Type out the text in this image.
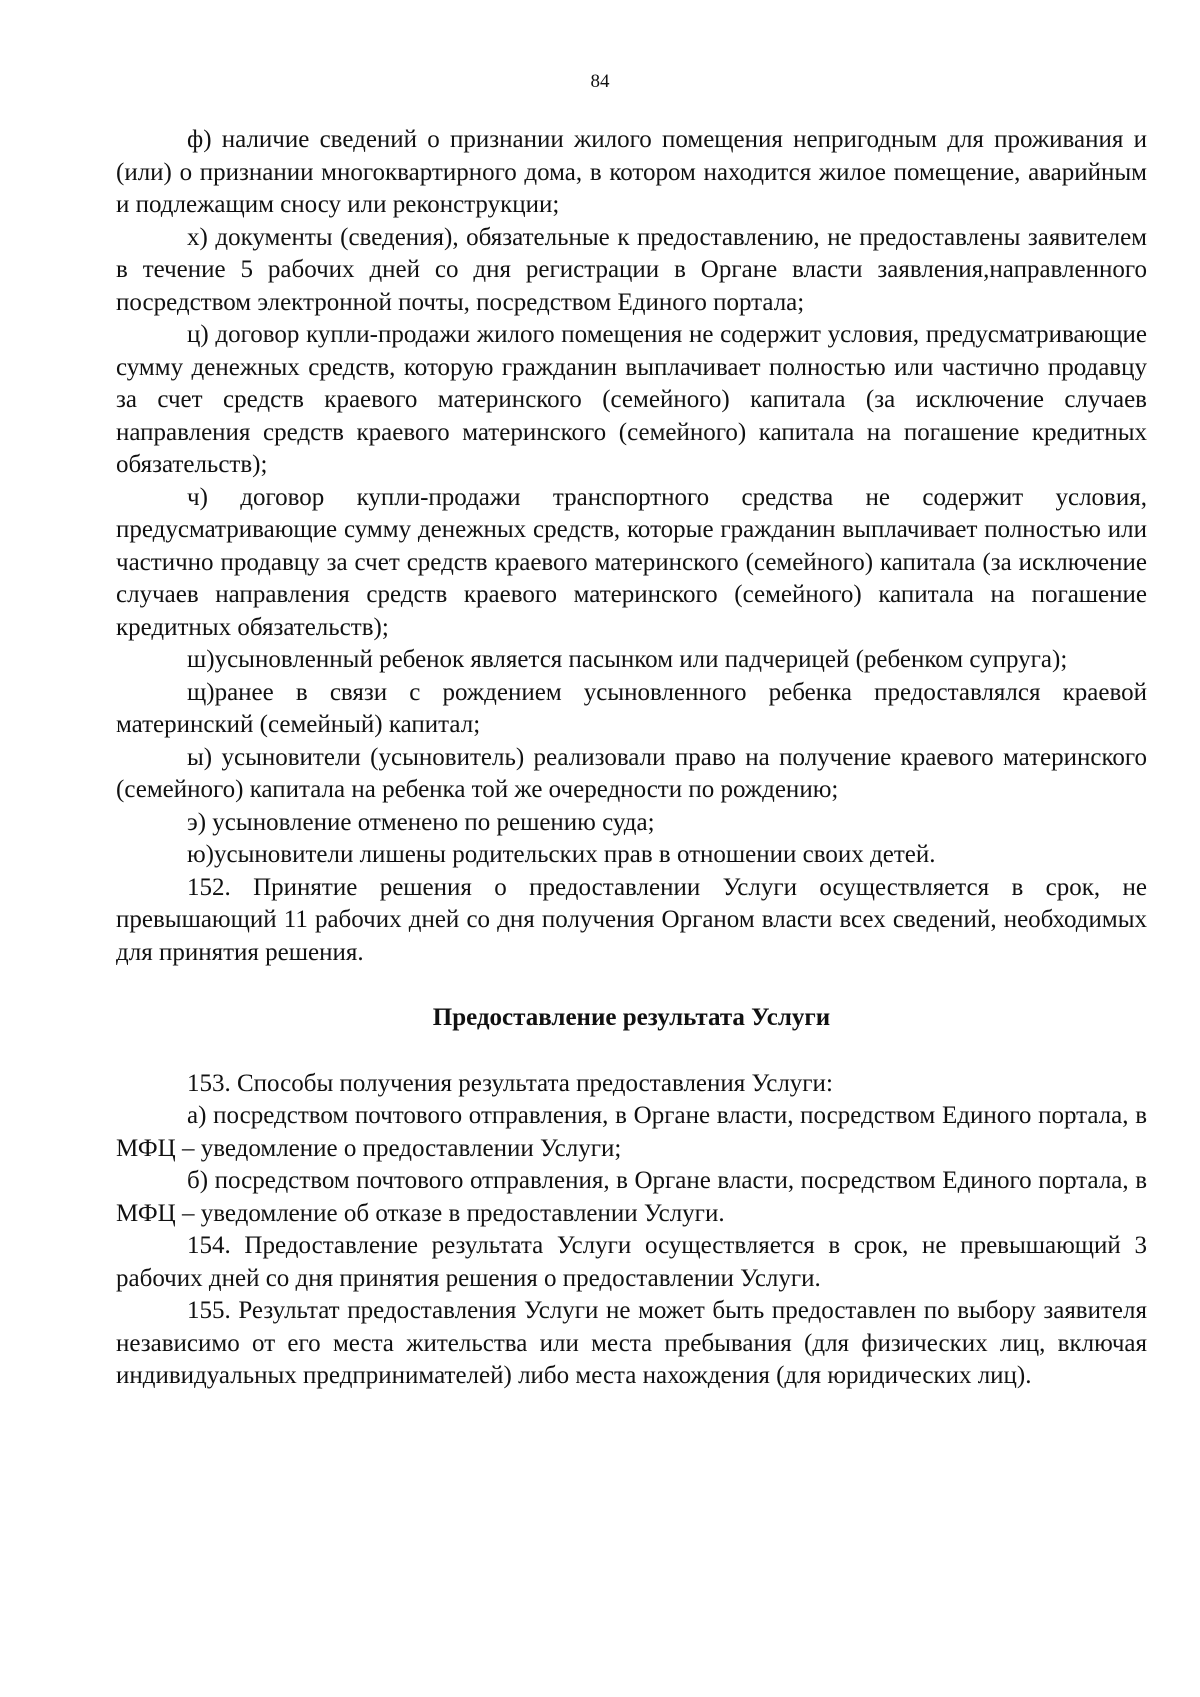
84

ф) наличие сведений о признании жилого помещения непригодным для проживания и (или) о признании многоквартирного дома, в котором находится жилое помещение, аварийным и подлежащим сносу или реконструкции;

х) документы (сведения), обязательные к предоставлению, не предоставлены заявителем в течение 5 рабочих дней со дня регистрации в Органе власти заявления,направленного посредством электронной почты, посредством Единого портала;

ц) договор купли-продажи жилого помещения не содержит условия, предусматривающие сумму денежных средств, которую гражданин выплачивает полностью или частично продавцу за счет средств краевого материнского (семейного) капитала (за исключение случаев направления средств краевого материнского (семейного) капитала на погашение кредитных обязательств);

ч) договор купли-продажи транспортного средства не содержит условия, предусматривающие сумму денежных средств, которые гражданин выплачивает полностью или частично продавцу за счет средств краевого материнского (семейного) капитала (за исключение случаев направления средств краевого материнского (семейного) капитала на погашение кредитных обязательств);

ш)усыновленный ребенок является пасынком или падчерицей (ребенком супруга);

щ)ранее в связи с рождением усыновленного ребенка предоставлялся краевой материнский (семейный) капитал;

ы) усыновители (усыновитель) реализовали право на получение краевого материнского (семейного) капитала на ребенка той же очередности по рождению;

э) усыновление отменено по решению суда;

ю)усыновители лишены родительских прав в отношении своих детей.

152. Принятие решения о предоставлении Услуги осуществляется в срок, не превышающий 11 рабочих дней со дня получения Органом власти всех сведений, необходимых для принятия решения.

Предоставление результата Услуги

153. Способы получения результата предоставления Услуги:

а) посредством почтового отправления, в Органе власти, посредством Единого портала, в МФЦ – уведомление о предоставлении Услуги;

б) посредством почтового отправления, в Органе власти, посредством Единого портала, в МФЦ – уведомление об отказе в предоставлении Услуги.

154. Предоставление результата Услуги осуществляется в срок, не превышающий 3 рабочих дней со дня принятия решения о предоставлении Услуги.

155. Результат предоставления Услуги не может быть предоставлен по выбору заявителя независимо от его места жительства или места пребывания (для физических лиц, включая индивидуальных предпринимателей) либо места нахождения (для юридических лиц).
